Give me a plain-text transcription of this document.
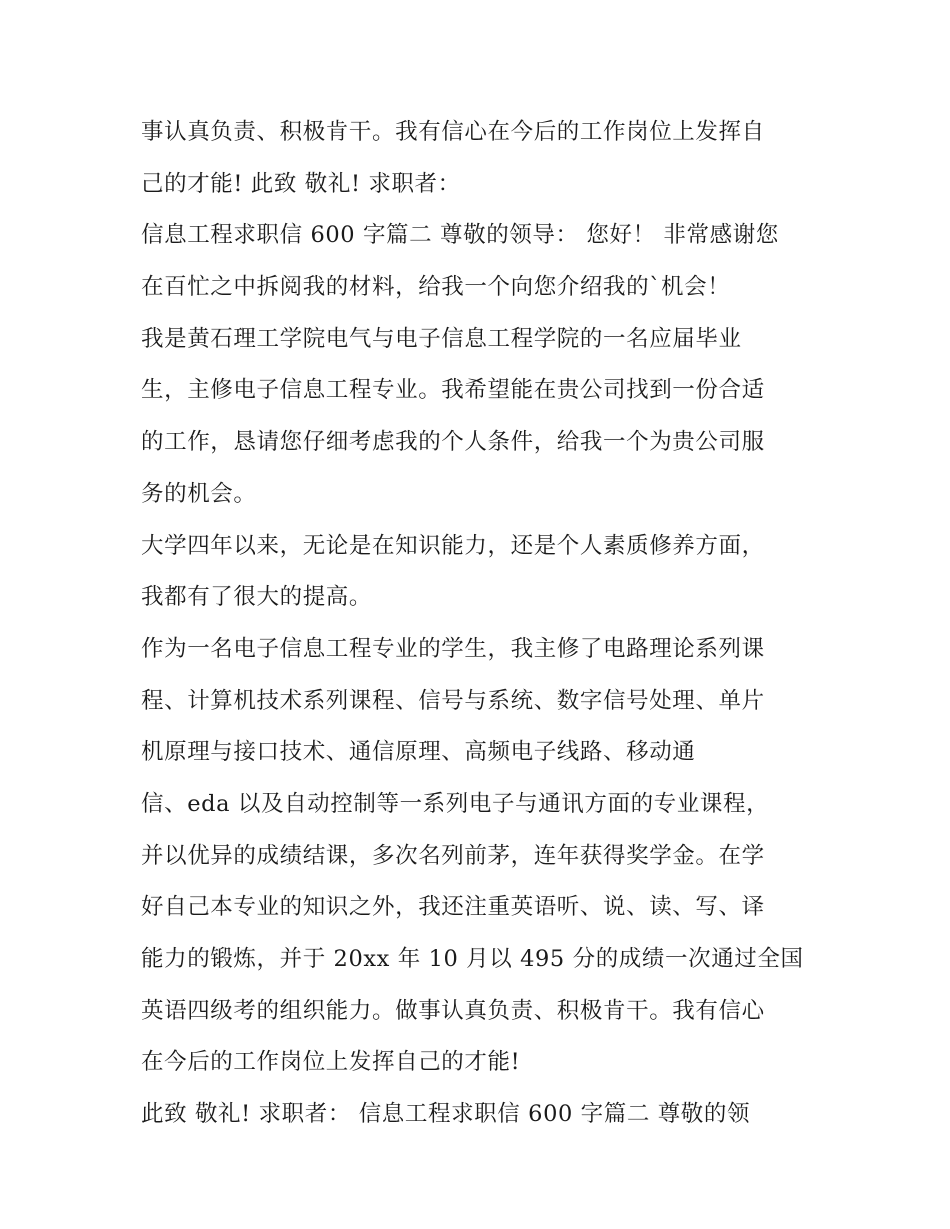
事认真负责、积极肯干。我有信心在今后的工作岗位上发挥自
己的才能! 此致 敬礼! 求职者：
信息工程求职信 600 字篇二 尊敬的领导： 您好！ 非常感谢您
在百忙之中拆阅我的材料，给我一个向您介绍我的`机会！
我是黄石理工学院电气与电子信息工程学院的一名应届毕业
生，主修电子信息工程专业。我希望能在贵公司找到一份合适
的工作，恳请您仔细考虑我的个人条件，给我一个为贵公司服
务的机会。
大学四年以来，无论是在知识能力，还是个人素质修养方面，
我都有了很大的提高。
作为一名电子信息工程专业的学生，我主修了电路理论系列课
程、计算机技术系列课程、信号与系统、数字信号处理、单片
机原理与接口技术、通信原理、高频电子线路、移动通
信、eda 以及自动控制等一系列电子与通讯方面的专业课程，
并以优异的成绩结课，多次名列前茅，连年获得奖学金。在学
好自己本专业的知识之外，我还注重英语听、说、读、写、译
能力的锻炼，并于 20xx 年 10 月以 495 分的成绩一次通过全国
英语四级考的组织能力。做事认真负责、积极肯干。我有信心
在今后的工作岗位上发挥自己的才能!
此致 敬礼! 求职者： 信息工程求职信 600 字篇二 尊敬的领
